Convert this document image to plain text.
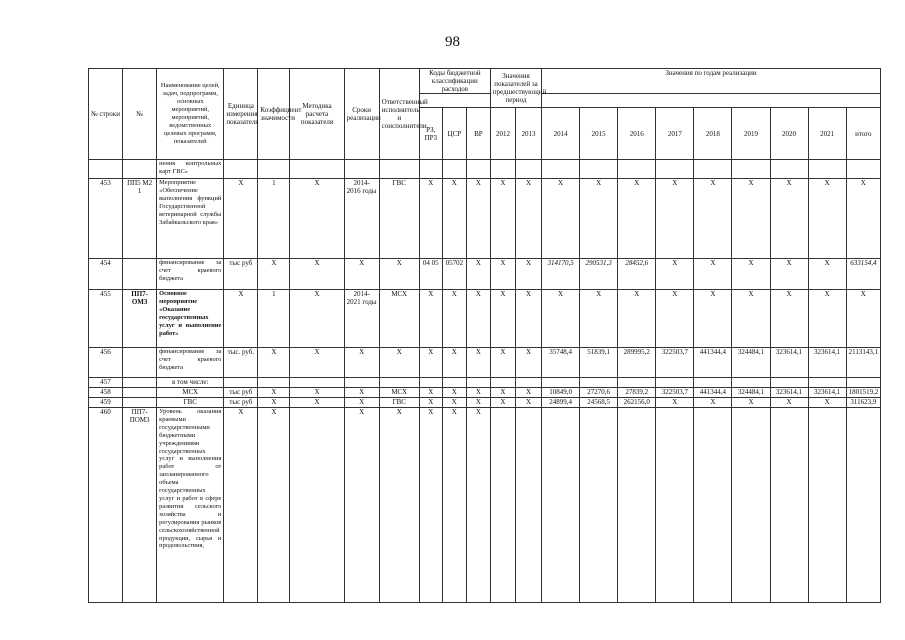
98
№ строки	№	Наименование целей, задач, подпрограмм, основных мероприятий, мероприятий, ведомственных целевых программ, показателей	Единица измерения показателя	Коэффициент значимости	Методика расчета показателя	Сроки реализации	Ответственный исполнитель и соисполнители	Коды бюджетной классификации расходов			Значения показателей за предшествующий период		Значения по годам реализации								

								РЗ, ПР3	ЦСР	ВР	2012	2013	2014	2015	2016	2017	2018	2019	2020	2021	итого
		нения контрольных карт ГВС»																			
453	ПП5 М2 1	Мероприятие «Обеспечение выполнения функций Государственной ветеринарной службы Забайкальского края»	Х	1	Х	2014-2016 годы	ГВС	Х	Х	Х	Х	Х	Х	Х	Х	Х	Х	Х	Х	Х	Х
454		финансирование за счет краевого бюджета	тыс руб	Х	Х	Х	Х	04 05	05702	Х	Х	Х	314170,5	290531,3	28452,6	Х	Х	Х	Х	Х	633154,4
455	ПП7-ОМ3	Основное мероприятие «Оказание государственных услуг и выполнение работ»	Х	1	Х	2014-2021 годы	МСХ	Х	Х	Х	Х	Х	Х	Х	Х	Х	Х	Х	Х	Х	Х
456		финансирование за счет краевого бюджета	тыс. руб.	Х	Х	Х	Х	Х	Х	Х	Х	Х	35748,4	51839,1	289995,2	322503,7	441344,4	324484,1	323614,1	323614,1	2113143,1
457		в том числе:																			
458		МСХ	тыс руб	Х	Х	Х	МСХ	Х	Х	Х	Х	Х	10849,0	27270,6	27839,2	322503,7	441344,4	324484,1	323614,1	323614,1	1801519,2
459		ГВС	тыс руб	Х	Х	Х	ГВС	Х	Х	Х	Х	Х	24899,4	24568,5	262156,0	Х	Х	Х	Х	Х	311623,9
460	ПП7-ПОМ3	Уровень оказания краевыми государственными бюджетными учреждениями государственных услуг и выполнения работ от запланированного объема государственных услуг и работ в сфере развития сельского хозяйства и регулирования рынков сельскохозяйственной продукции, сырья и продовольствия,	Х	Х		Х	Х	Х	Х	Х											
